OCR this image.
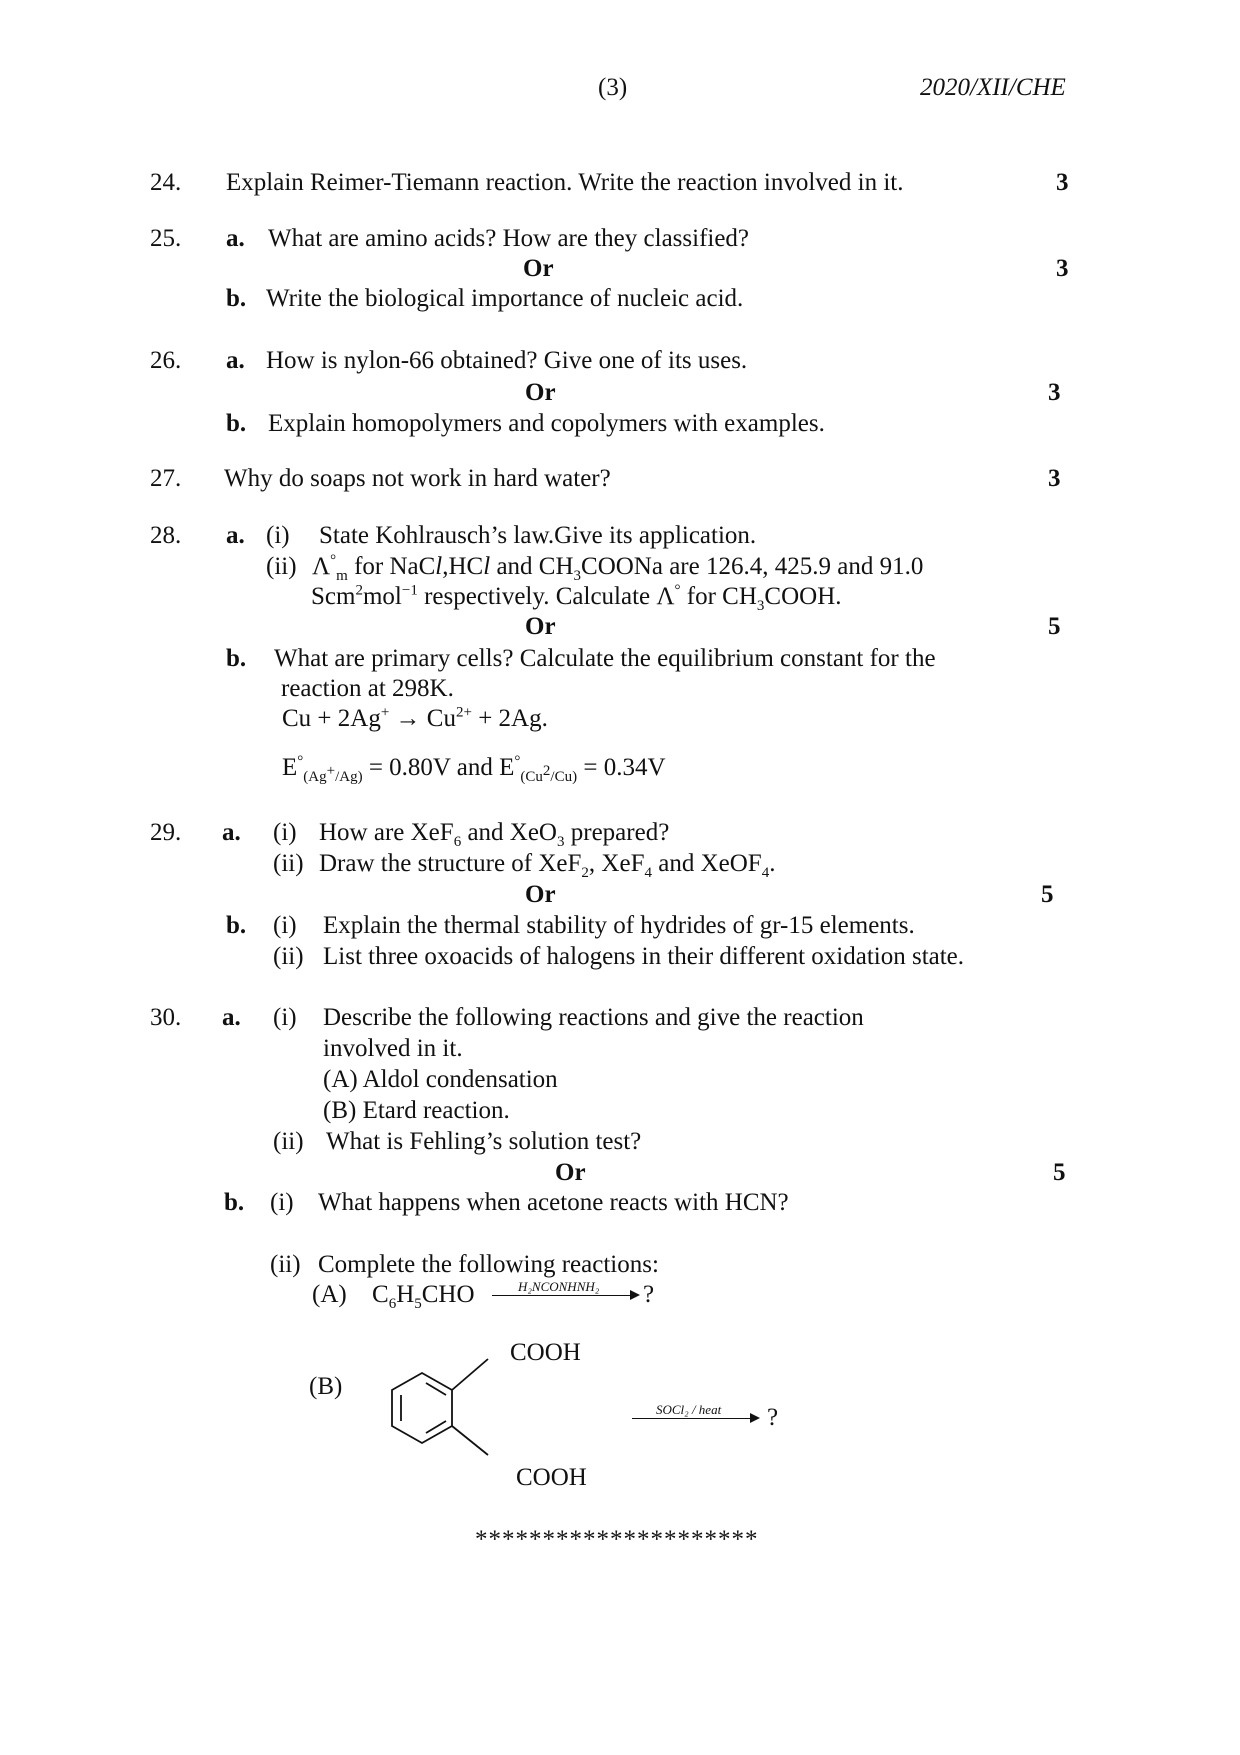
(3)	2020/XII/CHE
24. Explain Reimer-Tiemann reaction. Write the reaction involved in it.	3
25. a. What are amino acids? How are they classified?
Or	3
b. Write the biological importance of nucleic acid.
26. a. How is nylon-66 obtained? Give one of its uses.
Or	3
b. Explain homopolymers and copolymers with examples.
27. Why do soaps not work in hard water?	3
28. a. (i) State Kohlrausch’s law.Give its application.
(ii) $\Lambda^\circ_m$ for NaCl,HCl and $CH_3COONa$ are 126.4, 425.9 and 91.0
Scm$^2$mol$^{-1}$ respectively. Calculate Λ° for $CH_3COOH$.
Or	5
b. What are primary cells? Calculate the equilibrium constant for the
reaction at 298K.
$Cu + 2Ag^+ \to Cu^{2+} + 2Ag$.
$E^\circ_{(Ag^+/Ag)} = 0.80V$ and $E^\circ_{(Cu^2/Cu)} = 0.34V$
29. a. (i) How are XeF$_6$ and XeO$_3$ prepared?
(ii) Draw the structure of XeF$_2$, XeF$_4$ and XeOF$_4$.
Or	5
b. (i) Explain the thermal stability of hydrides of gr-15 elements.
(ii) List three oxoacids of halogens in their different oxidation state.
30. a. (i) Describe the following reactions and give the reaction
involved in it.
(A) Aldol condensation
(B) Etard reaction.
(ii) What is Fehling’s solution test?
Or	5
b. (i) What happens when acetone reacts with HCN?
(ii) Complete the following reactions:
(A) $C_6H_5CHO$	H₂NCONHNH₂ ?
(B)
COOH
COOH
SOCl₂ / heat ?
*********************
